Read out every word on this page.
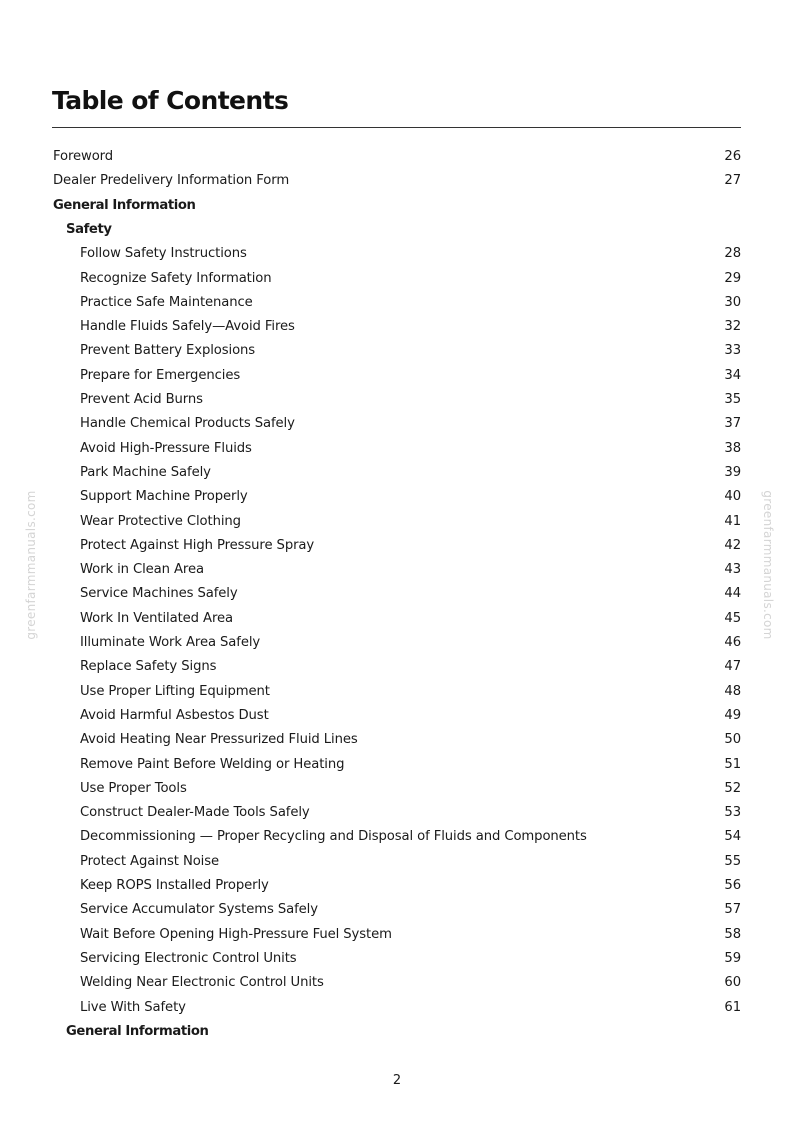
Table of Contents
Foreword	26
Dealer Predelivery Information Form	27
General Information
Safety
Follow Safety Instructions	28
Recognize Safety Information	29
Practice Safe Maintenance	30
Handle Fluids Safely—Avoid Fires	32
Prevent Battery Explosions	33
Prepare for Emergencies	34
Prevent Acid Burns	35
Handle Chemical Products Safely	37
Avoid High-Pressure Fluids	38
Park Machine Safely	39
Support Machine Properly	40
Wear Protective Clothing	41
Protect Against High Pressure Spray	42
Work in Clean Area	43
Service Machines Safely	44
Work In Ventilated Area	45
Illuminate Work Area Safely	46
Replace Safety Signs	47
Use Proper Lifting Equipment	48
Avoid Harmful Asbestos Dust	49
Avoid Heating Near Pressurized Fluid Lines	50
Remove Paint Before Welding or Heating	51
Use Proper Tools	52
Construct Dealer-Made Tools Safely	53
Decommissioning — Proper Recycling and Disposal of Fluids and Components	54
Protect Against Noise	55
Keep ROPS Installed Properly	56
Service Accumulator Systems Safely	57
Wait Before Opening High-Pressure Fuel System	58
Servicing Electronic Control Units	59
Welding Near Electronic Control Units	60
Live With Safety	61
General Information
greenfarmmanuals.com	greenfarmmanuals.com
2
